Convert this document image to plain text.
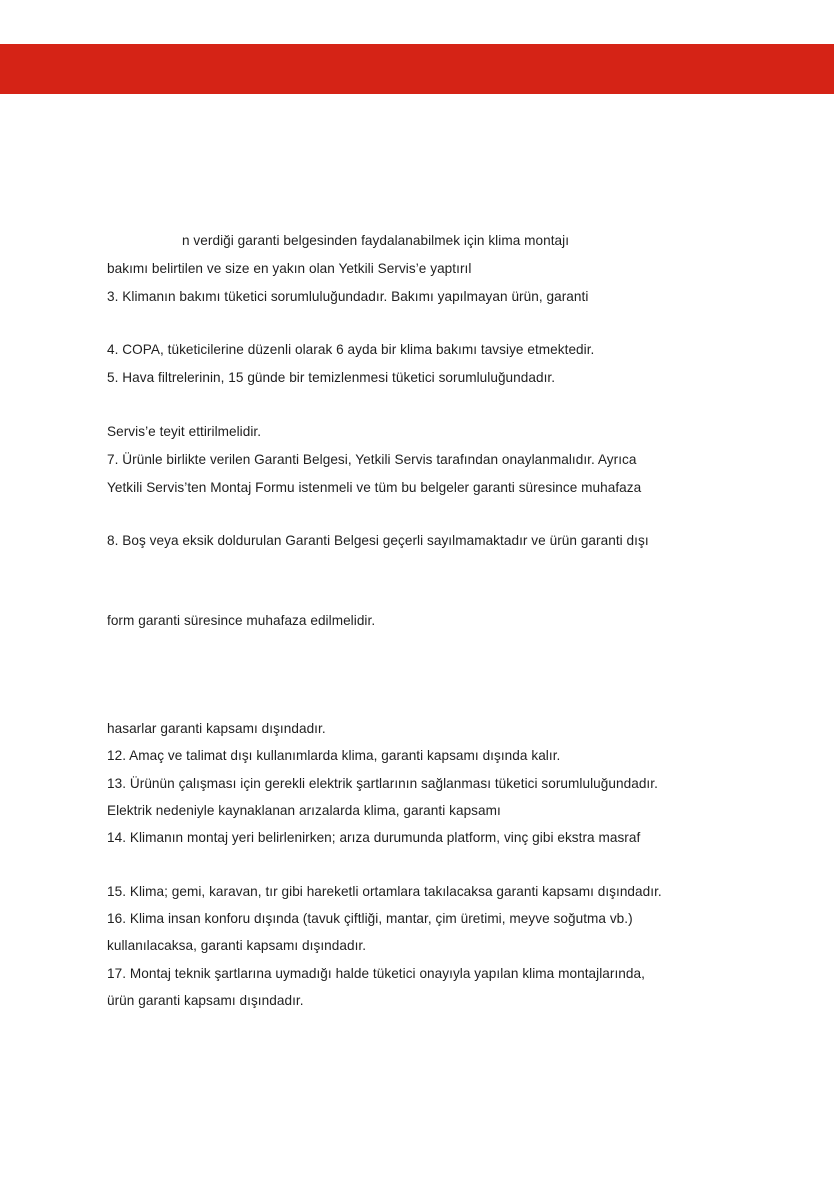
n verdiği garanti belgesinden faydalanabilmek için klima montajı
bakımı belirtilen ve size en yakın olan Yetkili Servis’e yaptırıl
3. Klimanın bakımı tüketici sorumluluğundadır. Bakımı yapılmayan ürün, garanti
4. COPA, tüketicilerine düzenli olarak 6 ayda bir klima bakımı tavsiye etmektedir.
5. Hava filtrelerinin, 15 günde bir temizlenmesi tüketici sorumluluğundadır.
Servis’e teyit ettirilmelidir.
7. Ürünle birlikte verilen Garanti Belgesi, Yetkili Servis tarafından onaylanmalıdır. Ayrıca
Yetkili Servis’ten Montaj Formu istenmeli ve tüm bu belgeler garanti süresince muhafaza
8. Boş veya eksik doldurulan Garanti Belgesi geçerli sayılmamaktadır ve ürün garanti dışı
form garanti süresince muhafaza edilmelidir.
hasarlar garanti kapsamı dışındadır.
12. Amaç ve talimat dışı kullanımlarda klima, garanti kapsamı dışında kalır.
13. Ürünün çalışması için gerekli elektrik şartlarının sağlanması tüketici sorumluluğundadır.
Elektrik nedeniyle kaynaklanan arızalarda klima, garanti kapsamı
14. Klimanın montaj yeri belirlenirken; arıza durumunda platform, vinç gibi ekstra masraf
15. Klima; gemi, karavan, tır gibi hareketli ortamlara takılacaksa garanti kapsamı dışındadır.
16. Klima insan konforu dışında (tavuk çiftliği, mantar, çim üretimi, meyve soğutma vb.)
kullanılacaksa, garanti kapsamı dışındadır.
17. Montaj teknik şartlarına uymadığı halde tüketici onayıyla yapılan klima montajlarında,
ürün garanti kapsamı dışındadır.
